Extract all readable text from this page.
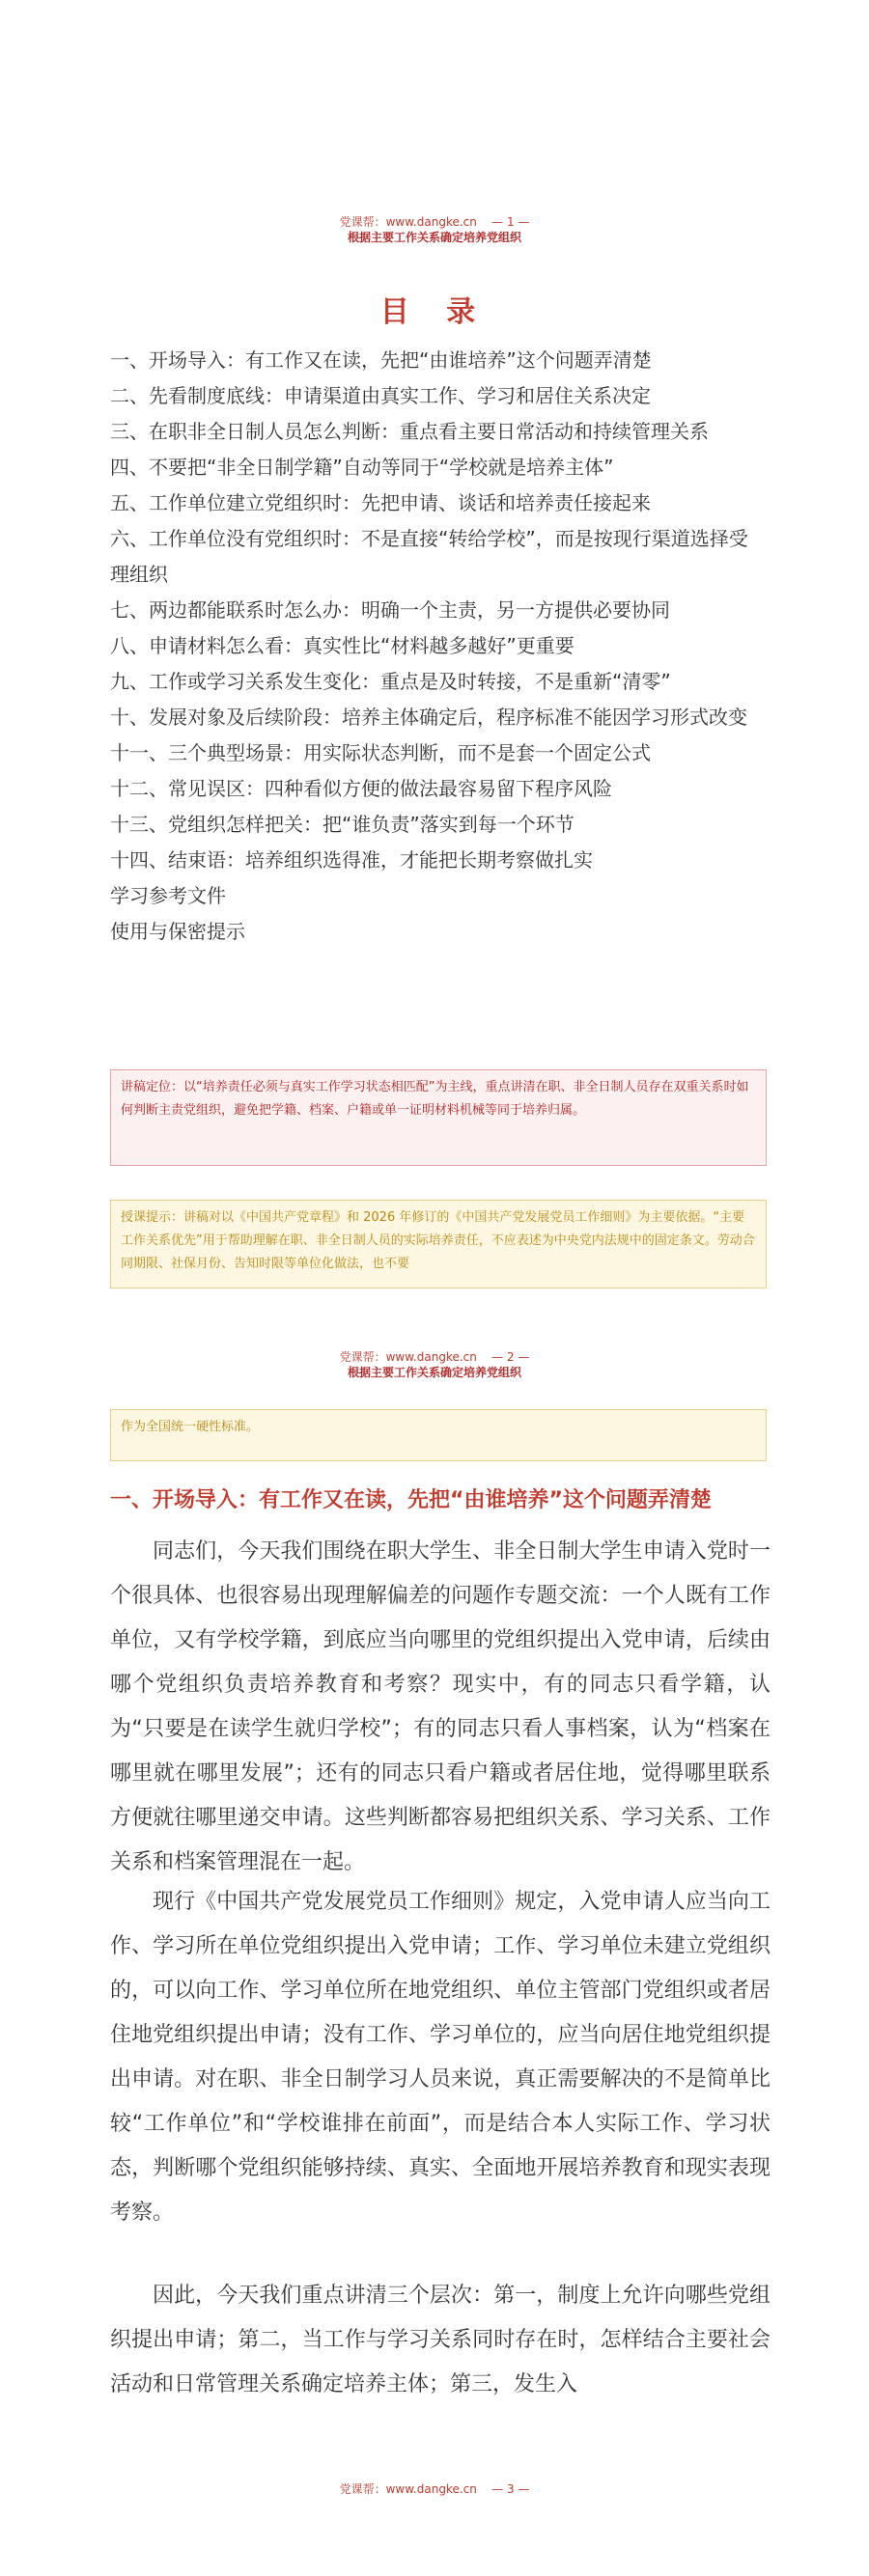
党课帮：www.dangke.cn — 1 —
根据主要工作关系确定培养党组织
目 录
一、开场导入：有工作又在读，先把“由谁培养”这个问题弄清楚
二、先看制度底线：申请渠道由真实工作、学习和居住关系决定
三、在职非全日制人员怎么判断：重点看主要日常活动和持续管理关系
四、不要把“非全日制学籍”自动等同于“学校就是培养主体”
五、工作单位建立党组织时：先把申请、谈话和培养责任接起来
六、工作单位没有党组织时：不是直接“转给学校”，而是按现行渠道选择受理组织
七、两边都能联系时怎么办：明确一个主责，另一方提供必要协同
八、申请材料怎么看：真实性比“材料越多越好”更重要
九、工作或学习关系发生变化：重点是及时转接，不是重新“清零”
十、发展对象及后续阶段：培养主体确定后，程序标准不能因学习形式改变
十一、三个典型场景：用实际状态判断，而不是套一个固定公式
十二、常见误区：四种看似方便的做法最容易留下程序风险
十三、党组织怎样把关：把“谁负责”落实到每一个环节
十四、结束语：培养组织选得准，才能把长期考察做扎实
学习参考文件
使用与保密提示
讲稿定位：以“培养责任必须与真实工作学习状态相匹配”为主线，重点讲清在职、非全日制人员存在双重关系时如何判断主责党组织，避免把学籍、档案、户籍或单一证明材料机械等同于培养归属。
授课提示：讲稿对以《中国共产党章程》和 2026 年修订的《中国共产党发展党员工作细则》为主要依据。“主要工作关系优先”用于帮助理解在职、非全日制人员的实际培养责任，不应表述为中央党内法规中的固定条文。劳动合同期限、社保月份、告知时限等单位化做法，也不要
党课帮：www.dangke.cn — 2 —
根据主要工作关系确定培养党组织
作为全国统一硬性标准。
一、开场导入：有工作又在读，先把“由谁培养”这个问题弄清楚

同志们，今天我们围绕在职大学生、非全日制大学生申请入党时一个很具体、也很容易出现理解偏差的问题作专题交流：一个人既有工作单位，又有学校学籍，到底应当向哪里的党组织提出入党申请，后续由哪个党组织负责培养教育和考察？现实中，有的同志只看学籍，认为“只要是在读学生就归学校”；有的同志只看人事档案，认为“档案在哪里就在哪里发展”；还有的同志只看户籍或者居住地，觉得哪里联系方便就往哪里递交申请。这些判断都容易把组织关系、学习关系、工作关系和档案管理混在一起。

现行《中国共产党发展党员工作细则》规定，入党申请人应当向工作、学习所在单位党组织提出入党申请；工作、学习单位未建立党组织的，可以向工作、学习单位所在地党组织、单位主管部门党组织或者居住地党组织提出申请；没有工作、学习单位的，应当向居住地党组织提出申请。对在职、非全日制学习人员来说，真正需要解决的不是简单比较“工作单位”和“学校谁排在前面”，而是结合本人实际工作、学习状态，判断哪个党组织能够持续、真实、全面地开展培养教育和现实表现考察。

因此，今天我们重点讲清三个层次：第一，制度上允许向哪些党组织提出申请；第二，当工作与学习关系同时存在时，怎样结合主要社会活动和日常管理关系确定培养主体；第三，发生入

党课帮：www.dangke.cn — 3 —
